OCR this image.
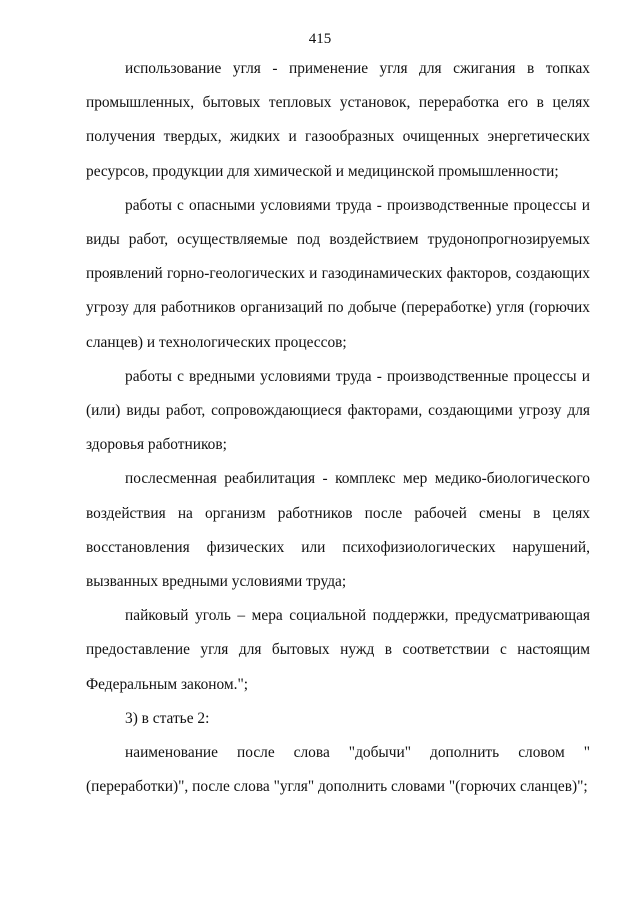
415

использование угля - применение угля для сжигания в топках промышленных, бытовых тепловых установок, переработка его в целях получения твердых, жидких и газообразных очищенных энергетических ресурсов, продукции для химической и медицинской промышленности;

работы с опасными условиями труда - производственные процессы и виды работ, осуществляемые под воздействием трудонопрогнозируемых проявлений горно-геологических и газодинамических факторов, создающих угрозу для работников организаций по добыче (переработке) угля (горючих сланцев) и технологических процессов;

работы с вредными условиями труда - производственные процессы и (или) виды работ, сопровождающиеся факторами, создающими угрозу для здоровья работников;

послесменная реабилитация - комплекс мер медико-биологического воздействия на организм работников после рабочей смены в целях восстановления физических или психофизиологических нарушений, вызванных вредными условиями труда;

пайковый уголь – мера социальной поддержки, предусматривающая предоставление угля для бытовых нужд в соответствии с настоящим Федеральным законом.";

3) в статье 2:

наименование после слова "добычи" дополнить словом "(переработки)", после слова "угля" дополнить словами "(горючих сланцев)";
